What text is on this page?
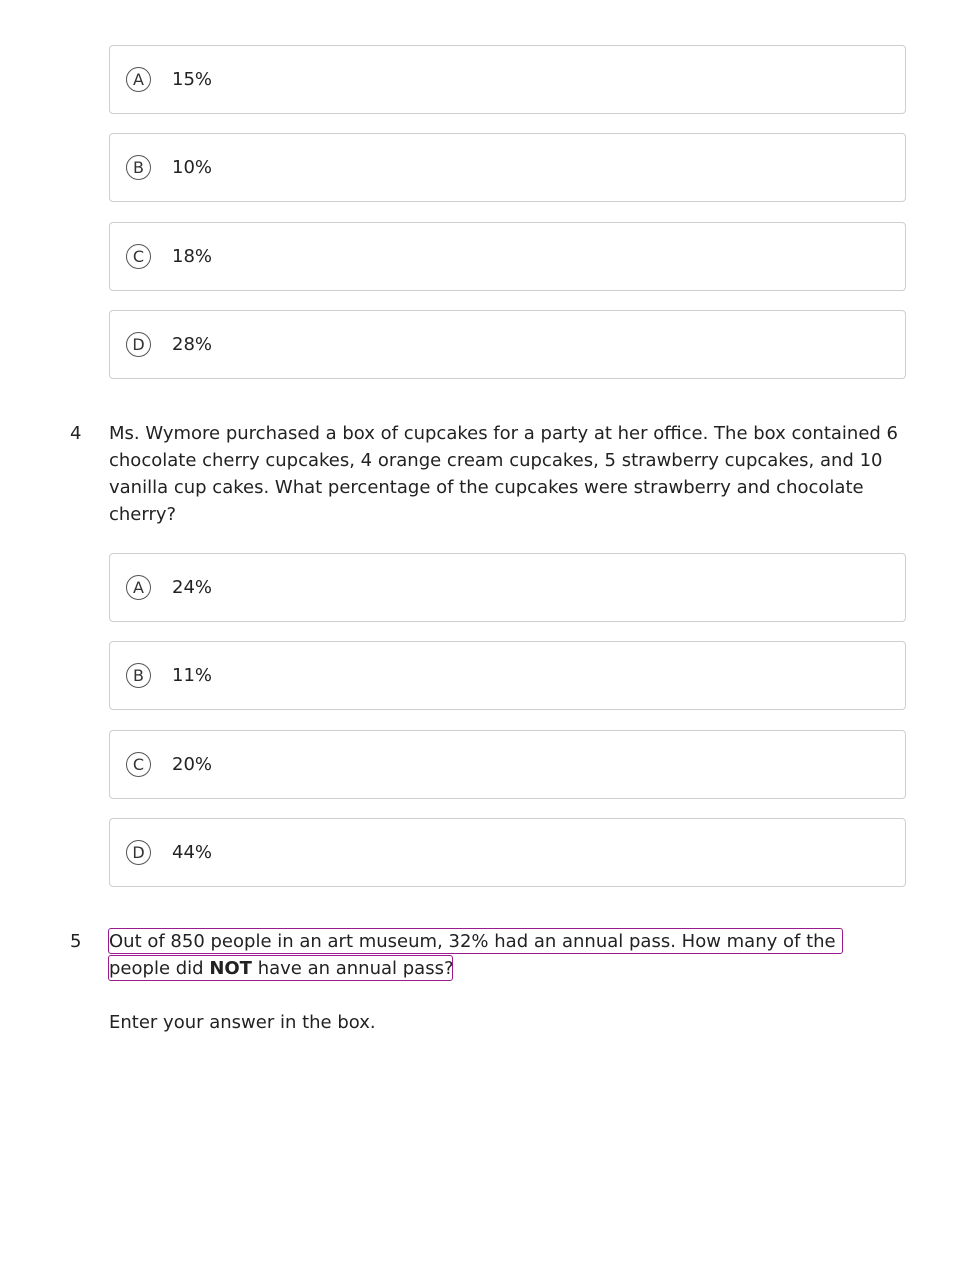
A	15%
B	10%
C	18%
D	28%
4 Ms. Wymore purchased a box of cupcakes for a party at her office. The box contained 6 chocolate cherry cupcakes, 4 orange cream cupcakes, 5 strawberry cupcakes, and 10 vanilla cup cakes. What percentage of the cupcakes were strawberry and chocolate cherry?

A	24%
B	11%
C	20%
D	44%
5 Out of 850 people in an art museum, 32% had an annual pass. How many of the people did NOT have an annual pass?

Enter your answer in the box.
